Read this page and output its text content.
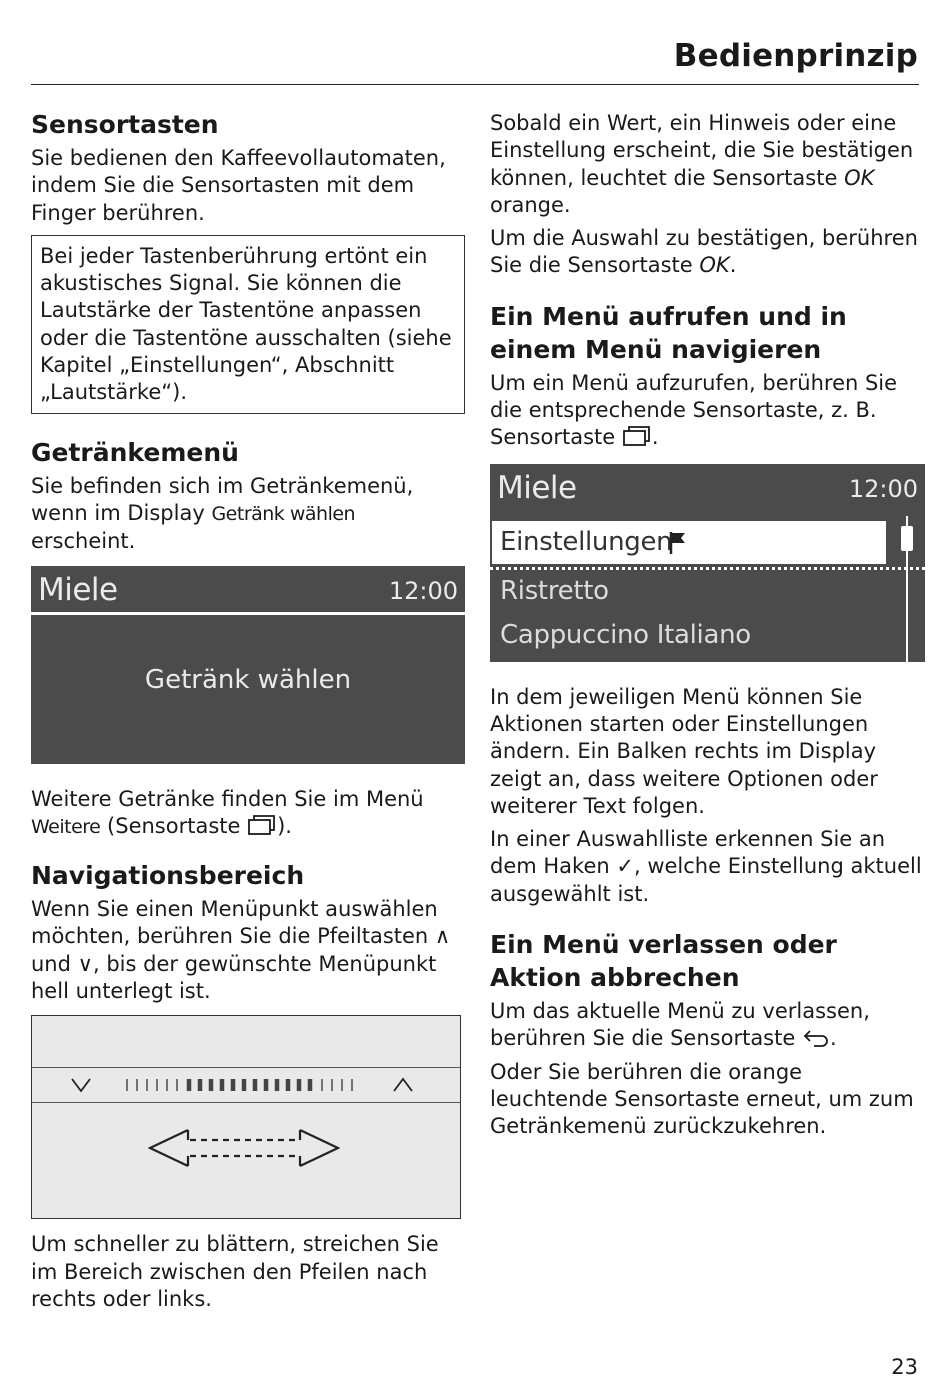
Bedienprinzip
Sensortasten

Sie bedienen den Kaffeevollautomaten, indem Sie die Sensortasten mit dem Finger berühren.

Bei jeder Tastenberührung ertönt ein akustisches Signal. Sie können die Lautstärke der Tastentöne anpassen oder die Tastentöne ausschalten (siehe Kapitel „Einstellungen“, Abschnitt „Lautstärke“).

Getränkemenü

Sie befinden sich im Getränkemenü, wenn im Display Getränk wählen erscheint.

Miele	12:00
Getränk wählen

Weitere Getränke finden Sie im Menü Weitere (Sensortaste ).

Navigationsbereich

Wenn Sie einen Menüpunkt auswählen möchten, berühren Sie die Pfeiltasten ∧ und ∨, bis der gewünschte Menüpunkt hell unterlegt ist.

Um schneller zu blättern, streichen Sie im Bereich zwischen den Pfeilen nach rechts oder links.

Sobald ein Wert, ein Hinweis oder eine Einstellung erscheint, die Sie bestätigen können, leuchtet die Sensortaste OK orange.

Um die Auswahl zu bestätigen, berühren Sie die Sensortaste OK.

Ein Menü aufrufen und in einem Menü navigieren

Um ein Menü aufzurufen, berühren Sie die entsprechende Sensortaste, z. B. Sensortaste .

Miele	12:00
Einstellungen
Ristretto
Cappuccino Italiano

In dem jeweiligen Menü können Sie Aktionen starten oder Einstellungen ändern. Ein Balken rechts im Display zeigt an, dass weitere Optionen oder weiterer Text folgen.

In einer Auswahlliste erkennen Sie an dem Haken ✓, welche Einstellung aktuell ausgewählt ist.

Ein Menü verlassen oder Aktion abbrechen

Um das aktuelle Menü zu verlassen, berühren Sie die Sensortaste .

Oder Sie berühren die orange leuchtende Sensortaste erneut, um zum Getränkemenü zurückzukehren.

23
